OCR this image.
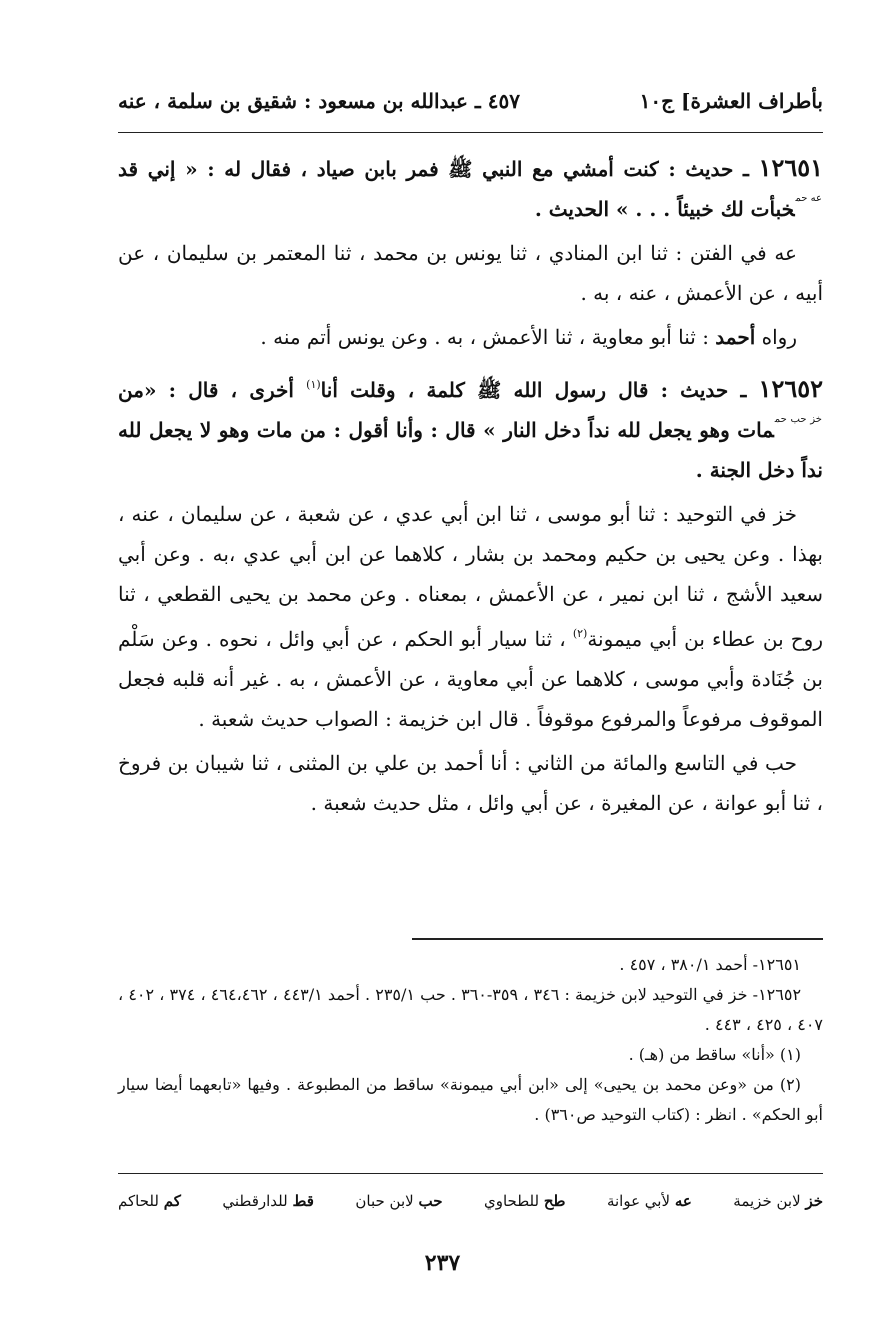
بأطراف العشرة] ج١٠
٤٥٧ ـ عبدالله بن مسعود : شقيق بن سلمة ، عنه

١٢٦٥١ ـ حديث : كنت أمشي مع النبي ﷺ فمر بابن صياد ، فقال له : « إني قد $^{عه حم}$خبأت لك خبيئاً . . . » الحديث .

عه في الفتن : ثنا ابن المنادي ، ثنا يونس بن محمد ، ثنا المعتمر بن سليمان ، عن أبيه ، عن الأعمش ، عنه ، به .

رواه أحمد : ثنا أبو معاوية ، ثنا الأعمش ، به . وعن يونس أتم منه .

١٢٦٥٢ ـ حديث : قال رسول الله ﷺ كلمة ، وقلت أنا$^{(١)}$ أخرى ، قال : «من $^{خز حب حم}$مات وهو يجعل لله نداً دخل النار » قال : وأنا أقول : من مات وهو لا يجعل لله نداً دخل الجنة .

خز في التوحيد : ثنا أبو موسى ، ثنا ابن أبي عدي ، عن شعبة ، عن سليمان ، عنه ، بهذا . وعن يحيى بن حكيم ومحمد بن بشار ، كلاهما عن ابن أبي عدي ،به . وعن أبي سعيد الأشج ، ثنا ابن نمير ، عن الأعمش ، بمعناه . وعن محمد بن يحيى القطعي ، ثنا روح بن عطاء بن أبي ميمونة$^{(٢)}$ ، ثنا سيار أبو الحكم ، عن أبي وائل ، نحوه . وعن سَلْم بن جُنَادة وأبي موسى ، كلاهما عن أبي معاوية ، عن الأعمش ، به . غير أنه قلبه فجعل الموقوف مرفوعاً والمرفوع موقوفاً . قال ابن خزيمة : الصواب حديث شعبة .

حب في التاسع والمائة من الثاني : أنا أحمد بن علي بن المثنى ، ثنا شيبان بن فروخ ، ثنا أبو عوانة ، عن المغيرة ، عن أبي وائل ، مثل حديث شعبة .

١٢٦٥١- أحمد ٣٨٠/١ ، ٤٥٧ .

١٢٦٥٢- خز في التوحيد لابن خزيمة : ٣٤٦ ، ٣٥٩-٣٦٠ . حب ٢٣٥/١ . أحمد ٤٤٣/١ ، ٤٦٤،٤٦٢ ، ٣٧٤ ، ٤٠٢ ، ٤٠٧ ، ٤٢٥ ، ٤٤٣ .

(١) «أنا» ساقط من (هـ) .

(٢) من «وعن محمد بن يحيى» إلى «ابن أبي ميمونة» ساقط من المطبوعة . وفيها «تابعهما أيضا سيار أبو الحكم» . انظر : (كتاب التوحيد ص٣٦٠) .

خز لابن خزيمة
عه لأبي عوانة
طح للطحاوي
حب لابن حبان
قط للدارقطني
كم للحاكم
٢٣٧
